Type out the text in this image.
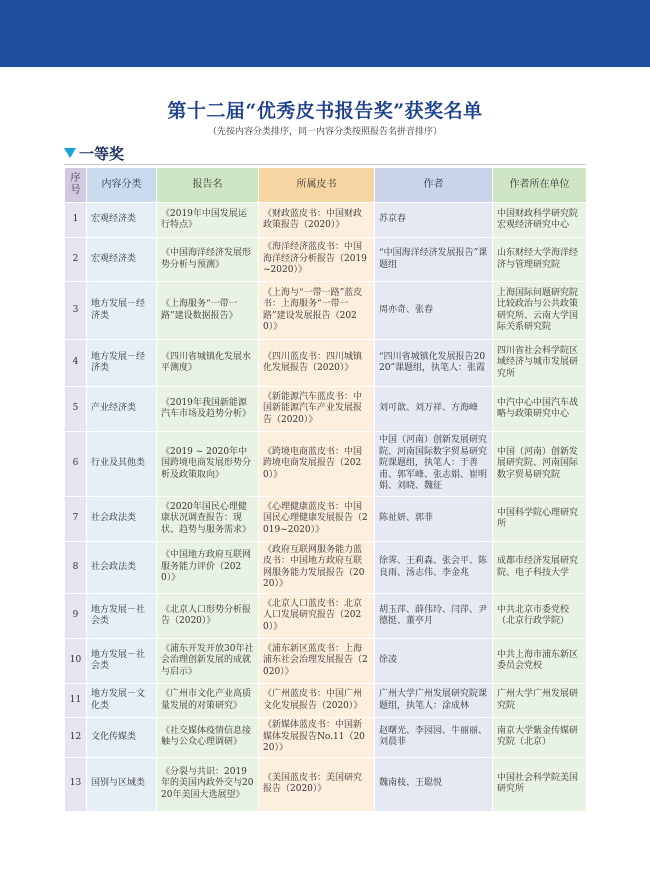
第十二届“优秀皮书报告奖”获奖名单
（先按内容分类排序，同一内容分类按照报告名拼音排序）
一等奖
序号	内容分类	报告名	所属皮书	作者	作者所在单位
1	宏观经济类	《2019年中国发展运行特点》	《财政蓝皮书：中国财政政策报告（2020）》	苏京春	中国财政科学研究院宏观经济研究中心
2	宏观经济类	《中国海洋经济发展形势分析与预测》	《海洋经济蓝皮书：中国海洋经济分析报告（2019~2020）》	“中国海洋经济发展报告”课题组	山东财经大学海洋经济与管理研究院
3	地方发展－经济类	《上海服务“一带一路”建设数据报告》	《上海与“一带一路”蓝皮书：上海服务“一带一路”建设发展报告（2020）》	周亦奇、张春	上海国际问题研究院比较政治与公共政策研究所、云南大学国际关系研究院
4	地方发展－经济类	《四川省城镇化发展水平测度》	《四川蓝皮书：四川城镇化发展报告（2020）》	“四川省城镇化发展报告2020”课题组，执笔人：张霞	四川省社会科学院区域经济与城市发展研究所
5	产业经济类	《2019年我国新能源汽车市场及趋势分析》	《新能源汽车蓝皮书：中国新能源汽车产业发展报告（2020）》	刘可歆、刘万祥、方海峰	中汽中心中国汽车战略与政策研究中心
6	行业及其他类	《2019 ~ 2020年中国跨境电商发展形势分析及政策取向》	《跨境电商蓝皮书：中国跨境电商发展报告（2020）》	中国（河南）创新发展研究院、河南国际数字贸易研究院课题组，执笔人：于善甫、郭军峰、张志娟、崔明娟、刘晓、魏征	中国（河南）创新发展研究院、河南国际数字贸易研究院
7	社会政法类	《2020年国民心理健康状况调查报告：现状、趋势与服务需求》	《心理健康蓝皮书：中国国民心理健康发展报告（2019~2020）》	陈祉妍、郭菲	中国科学院心理研究所
8	社会政法类	《中国地方政府互联网服务能力评价（2020）》	《政府互联网服务能力蓝皮书：中国地方政府互联网服务能力发展报告（2020）》	徐霁、王莉森、张会平、陈良雨、汤志伟、李金兆	成都市经济发展研究院、电子科技大学
9	地方发展－社会类	《北京人口形势分析报告（2020）》	《北京人口蓝皮书：北京人口发展研究报告（2020）》	胡玉萍、薛伟玲、闫萍、尹德挺、董亭月	中共北京市委党校（北京行政学院）
10	地方发展－社会类	《浦东开发开放30年社会治理创新发展的成就与启示》	《浦东新区蓝皮书：上海浦东社会治理发展报告（2020）》	徐凌	中共上海市浦东新区委员会党校
11	地方发展－文化类	《广州市文化产业高质量发展的对策研究》	《广州蓝皮书：中国广州文化发展报告（2020）》	广州大学广州发展研究院课题组，执笔人：涂成林	广州大学广州发展研究院
12	文化传媒类	《社交媒体疫情信息接触与公众心理调研》	《新媒体蓝皮书：中国新媒体发展报告No.11（2020）》	赵曙光、李园园、牛丽丽、刘晨菲	南京大学紫金传媒研究院（北京）
13	国别与区域类	《分裂与共识：2019年的美国内政外交与2020年美国大选展望》	《美国蓝皮书：美国研究报告（2020）》	魏南枝、王聪悦	中国社会科学院美国研究所
